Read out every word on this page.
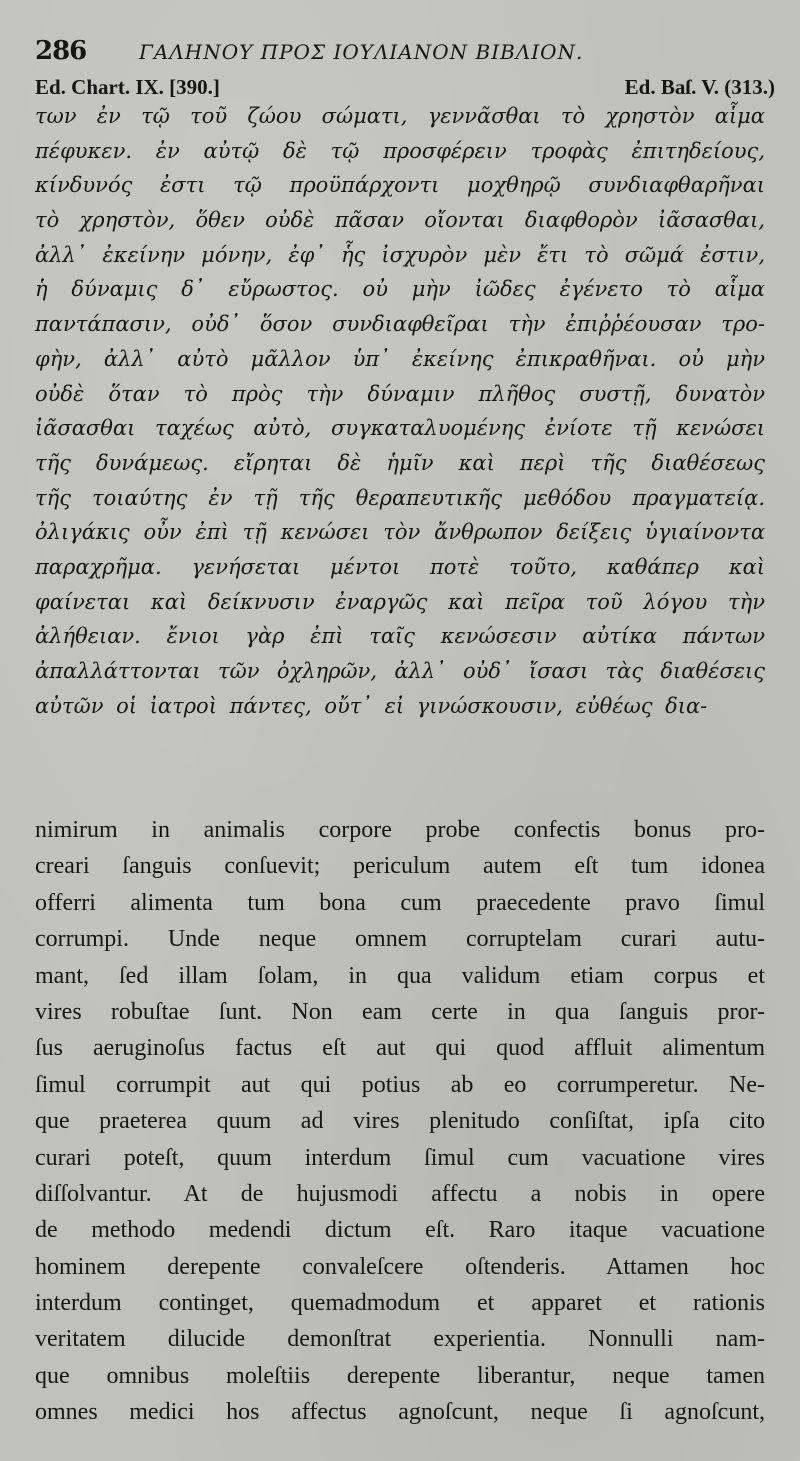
286	ΓΑΛΗΝΟΥ ΠΡΟΣ ΙΟΥΛΙΑΝΟΝ ΒΙΒΛΙΟΝ.
Ed. Chart. IX. [390.]	Ed. Baſ. V. (313.)
των ἐν τῷ τοῦ ζώου σώματι, γεννᾶσθαι τὸ χρηστὸν αἷμα
πέφυκεν. ἐν αὐτῷ δὲ τῷ προσφέρειν τροφὰς ἐπιτηδείους,
κίνδυνός ἐστι τῷ προϋπάρχοντι μοχθηρῷ συνδιαφθαρῆναι
τὸ χρηστὸν, ὅθεν οὐδὲ πᾶσαν οἴονται διαφθορὸν ἰᾶσασθαι,
ἀλλ᾽ ἐκείνην μόνην, ἐφ᾽ ἧς ἰσχυρὸν μὲν ἔτι τὸ σῶμά ἐστιν,
ἡ δύναμις δ᾽ εὔρωστος. οὐ μὴν ἰῶδες ἐγένετο τὸ αἷμα
παντάπασιν, οὐδ᾽ ὅσον συνδιαφθεῖραι τὴν ἐπιῤῥέουσαν τρο-
φὴν, ἀλλ᾽ αὐτὸ μᾶλλον ὑπ᾽ ἐκείνης ἐπικραθῆναι. οὐ μὴν
οὐδὲ ὅταν τὸ πρὸς τὴν δύναμιν πλῆθος συστῇ, δυνατὸν
ἰᾶσασθαι ταχέως αὐτὸ, συγκαταλυομένης ἐνίοτε τῇ κενώσει
τῆς δυνάμεως. εἴρηται δὲ ἡμῖν καὶ περὶ τῆς διαθέσεως
τῆς τοιαύτης ἐν τῇ τῆς θεραπευτικῆς μεθόδου πραγματείᾳ.
ὀλιγάκις οὖν ἐπὶ τῇ κενώσει τὸν ἄνθρωπον δείξεις ὑγιαίνοντα
παραχρῆμα. γενήσεται μέντοι ποτὲ τοῦτο, καθάπερ καὶ
φαίνεται καὶ δείκνυσιν ἐναργῶς καὶ πεῖρα τοῦ λόγου τὴν
ἀλήθειαν. ἔνιοι γὰρ ἐπὶ ταῖς κενώσεσιν αὐτίκα πάντων
ἀπαλλάττονται τῶν ὀχληρῶν, ἀλλ᾽ οὐδ᾽ ἴσασι τὰς διαθέσεις
αὐτῶν οἱ ἰατροὶ πάντες, οὔτ᾽ εἰ γινώσκουσιν, εὐθέως δια-
nimirum in animalis corpore probe confectis bonus pro-
creari ſanguis conſuevit; periculum autem eſt tum idonea
offerri alimenta tum bona cum praecedente pravo ſimul
corrumpi. Unde neque omnem corruptelam curari autu-
mant, ſed illam ſolam, in qua validum etiam corpus et
vires robuſtae ſunt. Non eam certe in qua ſanguis pror-
ſus aeruginoſus factus eſt aut qui quod affluit alimentum
ſimul corrumpit aut qui potius ab eo corrumperetur. Ne-
que praeterea quum ad vires plenitudo conſiſtat, ipſa cito
curari poteſt, quum interdum ſimul cum vacuatione vires
diſſolvantur. At de hujusmodi affectu a nobis in opere
de methodo medendi dictum eſt. Raro itaque vacuatione
hominem derepente convaleſcere oſtenderis. Attamen hoc
interdum continget, quemadmodum et apparet et rationis
veritatem dilucide demonſtrat experientia. Nonnulli nam-
que omnibus moleſtiis derepente liberantur, neque tamen
omnes medici hos affectus agnoſcunt, neque ſi agnoſcunt,
